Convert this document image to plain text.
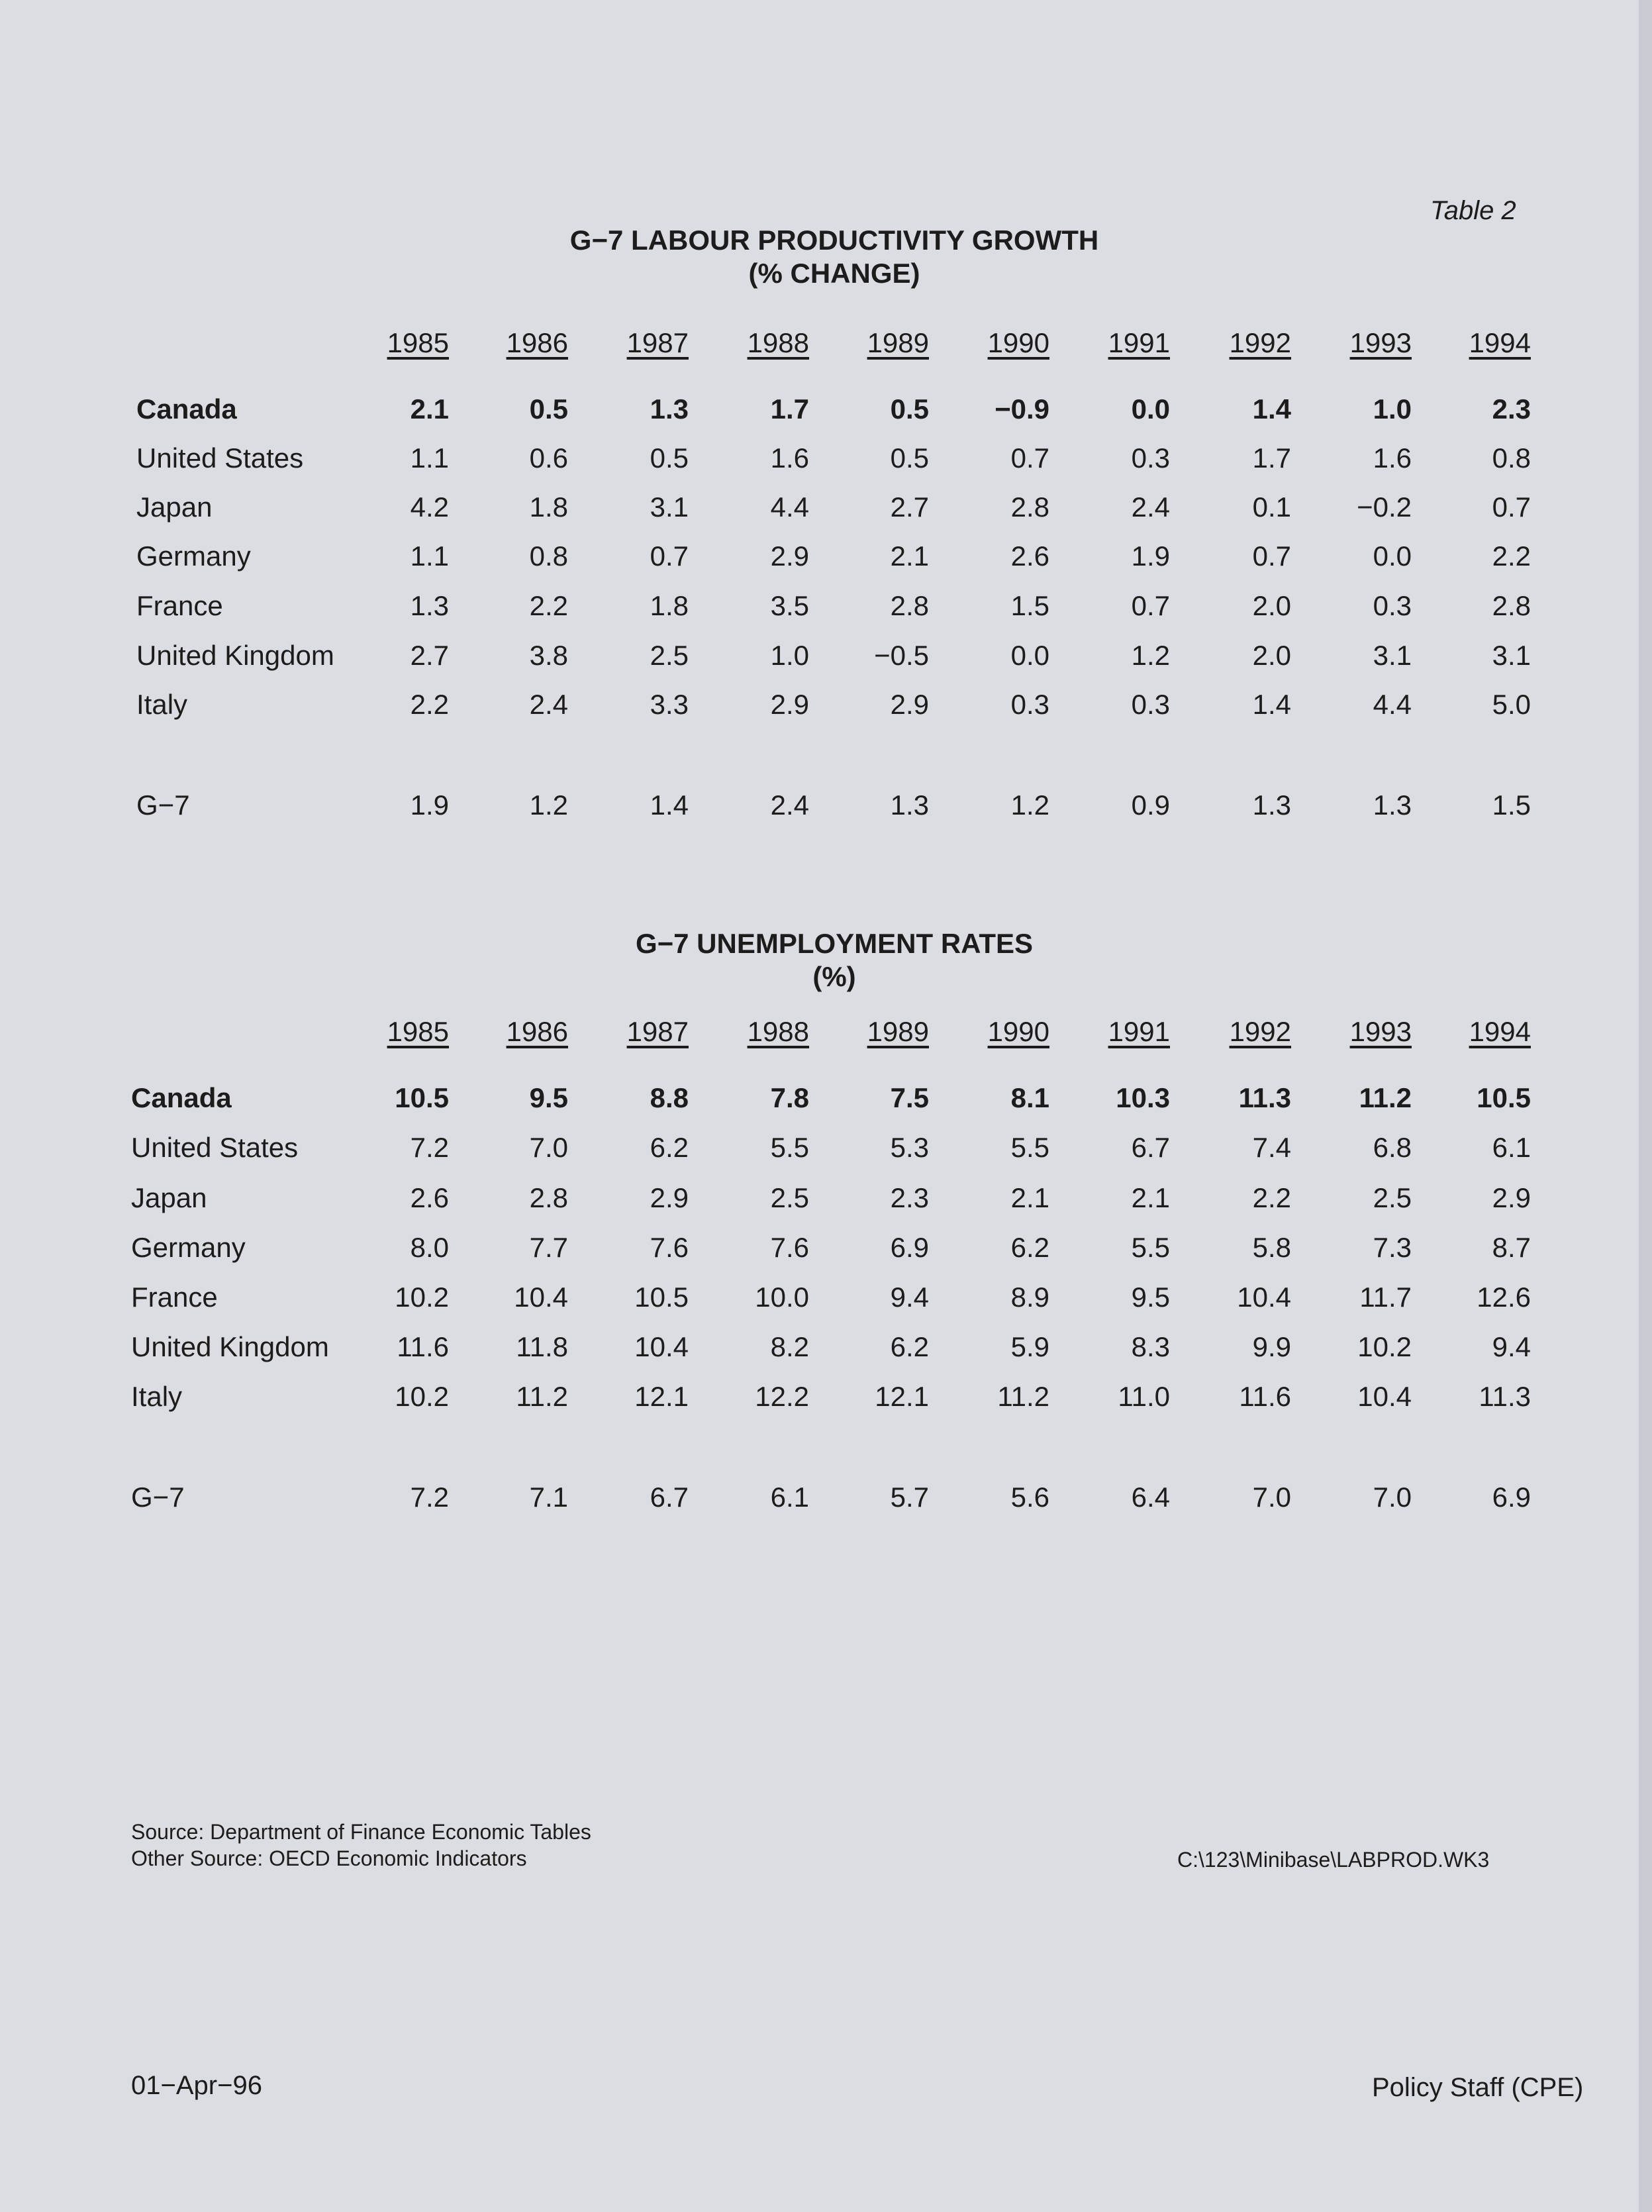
Table 2
G−7 LABOUR PRODUCTIVITY GROWTH
(% CHANGE)
1985	1986	1987	1988	1989	1990	1991	1992	1993	1994
Canada	2.1	0.5	1.3	1.7	0.5	−0.9	0.0	1.4	1.0	2.3
United States	1.1	0.6	0.5	1.6	0.5	0.7	0.3	1.7	1.6	0.8
Japan	4.2	1.8	3.1	4.4	2.7	2.8	2.4	0.1	−0.2	0.7
Germany	1.1	0.8	0.7	2.9	2.1	2.6	1.9	0.7	0.0	2.2
France	1.3	2.2	1.8	3.5	2.8	1.5	0.7	2.0	0.3	2.8
United Kingdom	2.7	3.8	2.5	1.0	−0.5	0.0	1.2	2.0	3.1	3.1
Italy	2.2	2.4	3.3	2.9	2.9	0.3	0.3	1.4	4.4	5.0
G−7	1.9	1.2	1.4	2.4	1.3	1.2	0.9	1.3	1.3	1.5
G−7 UNEMPLOYMENT RATES
(%)
1985	1986	1987	1988	1989	1990	1991	1992	1993	1994
Canada	10.5	9.5	8.8	7.8	7.5	8.1	10.3	11.3	11.2	10.5
United States	7.2	7.0	6.2	5.5	5.3	5.5	6.7	7.4	6.8	6.1
Japan	2.6	2.8	2.9	2.5	2.3	2.1	2.1	2.2	2.5	2.9
Germany	8.0	7.7	7.6	7.6	6.9	6.2	5.5	5.8	7.3	8.7
France	10.2	10.4	10.5	10.0	9.4	8.9	9.5	10.4	11.7	12.6
United Kingdom	11.6	11.8	10.4	8.2	6.2	5.9	8.3	9.9	10.2	9.4
Italy	10.2	11.2	12.1	12.2	12.1	11.2	11.0	11.6	10.4	11.3
G−7	7.2	7.1	6.7	6.1	5.7	5.6	6.4	7.0	7.0	6.9
Source: Department of Finance Economic Tables
Other Source: OECD Economic Indicators	C:\123\Minibase\LABPROD.WK3
01−Apr−96	Policy Staff (CPE)
